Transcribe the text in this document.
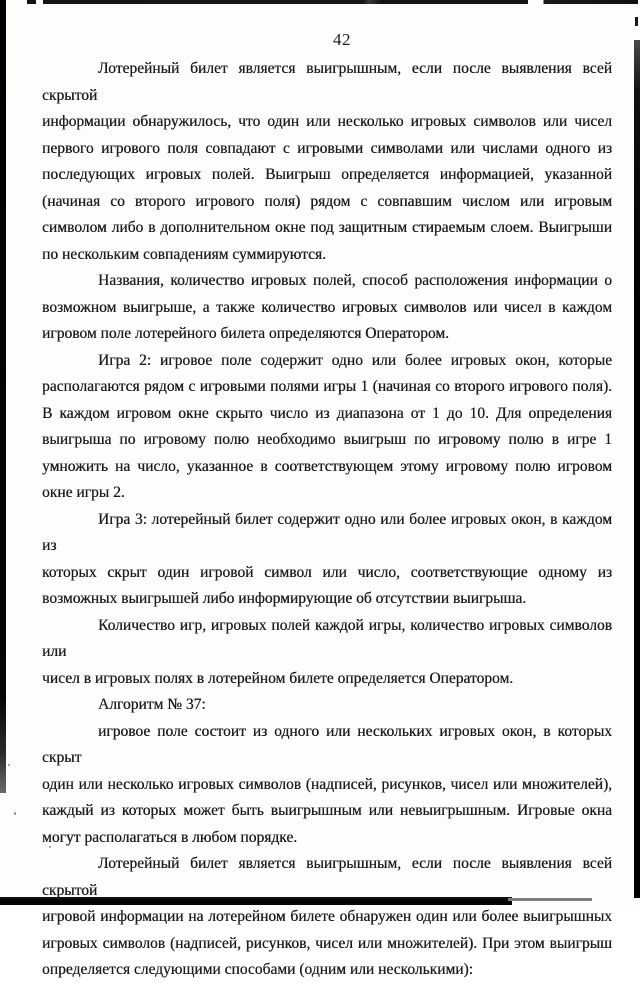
42
Лотерейный билет является выигрышным, если после выявления всей скрытой
информации обнаружилось, что один или несколько игровых символов или чисел
первого игрового поля совпадают с игровыми символами или числами одного из
последующих игровых полей. Выигрыш определяется информацией, указанной
(начиная со второго игрового поля) рядом с совпавшим числом или игровым
символом либо в дополнительном окне под защитным стираемым слоем. Выигрыши
по нескольким совпадениям суммируются.
Названия, количество игровых полей, способ расположения информации о
возможном выигрыше, а также количество игровых символов или чисел в каждом
игровом поле лотерейного билета определяются Оператором.
Игра 2: игровое поле содержит одно или более игровых окон, которые
располагаются рядом с игровыми полями игры 1 (начиная со второго игрового поля).
В каждом игровом окне скрыто число из диапазона от 1 до 10. Для определения
выигрыша по игровому полю необходимо выигрыш по игровому полю в игре 1
умножить на число, указанное в соответствующем этому игровому полю игровом
окне игры 2.
Игра 3: лотерейный билет содержит одно или более игровых окон, в каждом из
которых скрыт один игровой символ или число, соответствующие одному из
возможных выигрышей либо информирующие об отсутствии выигрыша.
Количество игр, игровых полей каждой игры, количество игровых символов или
чисел в игровых полях в лотерейном билете определяется Оператором.
Алгоритм № 37:
игровое поле состоит из одного или нескольких игровых окон, в которых скрыт
один или несколько игровых символов (надписей, рисунков, чисел или множителей),
каждый из которых может быть выигрышным или невыигрышным. Игровые окна
могут располагаться в любом порядке.
Лотерейный билет является выигрышным, если после выявления всей скрытой
игровой информации на лотерейном билете обнаружен один или более выигрышных
игровых символов (надписей, рисунков, чисел или множителей). При этом выигрыш
определяется следующими способами (одним или несколькими):
